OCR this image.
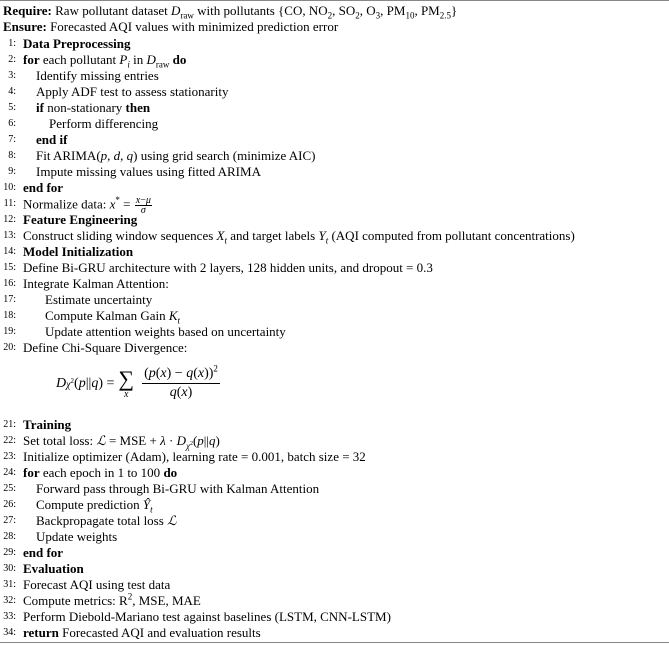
Require: Raw pollutant dataset $D_{raw}$ with pollutants {CO, $NO_2$, $SO_2$, $O_3$, $PM_{10}$, $PM_{2.5}$}
Ensure: Forecasted AQI values with minimized prediction error
1: Data Preprocessing
2: for each pollutant $P_i$ in $D_{raw}$ do
3: Identify missing entries
4: Apply ADF test to assess stationarity
5: if non-stationary then
6:	Perform differencing
7: end if
8: Fit ARIMA(p, d, q) using grid search (minimize AIC)
9: Impute missing values using fitted ARIMA
10: end for
11: Normalize data: $x^* = \frac{x-\mu}{\sigma}$
12: Feature Engineering
13: Construct sliding window sequences $X_t$ and target labels $Y_t$ (AQI computed from pollutant concentrations)
14: Model Initialization
15: Define Bi-GRU architecture with 2 layers, 128 hidden units, and dropout = 0.3
16: Integrate Kalman Attention:
17: Estimate uncertainty
18: Compute Kalman Gain $K_t$
19: Update attention weights based on uncertainty
20: Define Chi-Square Divergence:
D $\chi^2$ ( p || q ) = ∑
x
$(p(x) - q(x))^2$
q(x)
21: Training
22: Set total loss: ℒ = MSE + $\lambda \cdot D_{\chi^2}(p||q)$
23: Initialize optimizer (Adam), learning rate = 0.001, batch size = 32
24: for each epoch in 1 to 100 do
25: Forward pass through Bi-GRU with Kalman Attention
26: Compute prediction $Ŷ_t$
27: Backpropagate total loss ℒ
28: Update weights
29: end for
30: Evaluation
31: Forecast AQI using test data
32: Compute metrics: $R^2$, MSE, MAE
33: Perform Diebold-Mariano test against baselines (LSTM, CNN-LSTM)
34: return Forecasted AQI and evaluation results
